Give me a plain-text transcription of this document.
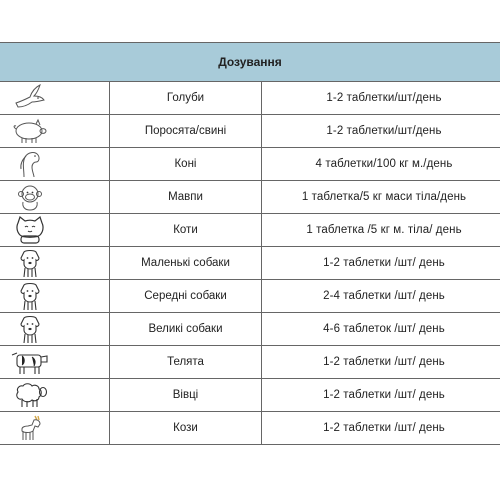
Дозування
Голуби	1-2 таблетки/шт/день
Поросята/свині	1-2 таблетки/шт/день
Коні	4 таблетки/100 кг м./день
Мавпи	1 таблетка/5 кг маси тіла/день
Коти	1 таблетка /5 кг м. тіла/ день
Маленькі собаки	1-2 таблетки /шт/ день
Середні собаки	2-4 таблетки /шт/ день
Великі собаки	4-6 таблеток /шт/ день
Телята	1-2 таблетки /шт/ день
Вівці	1-2 таблетки /шт/ день
Кози	1-2 таблетки /шт/ день
